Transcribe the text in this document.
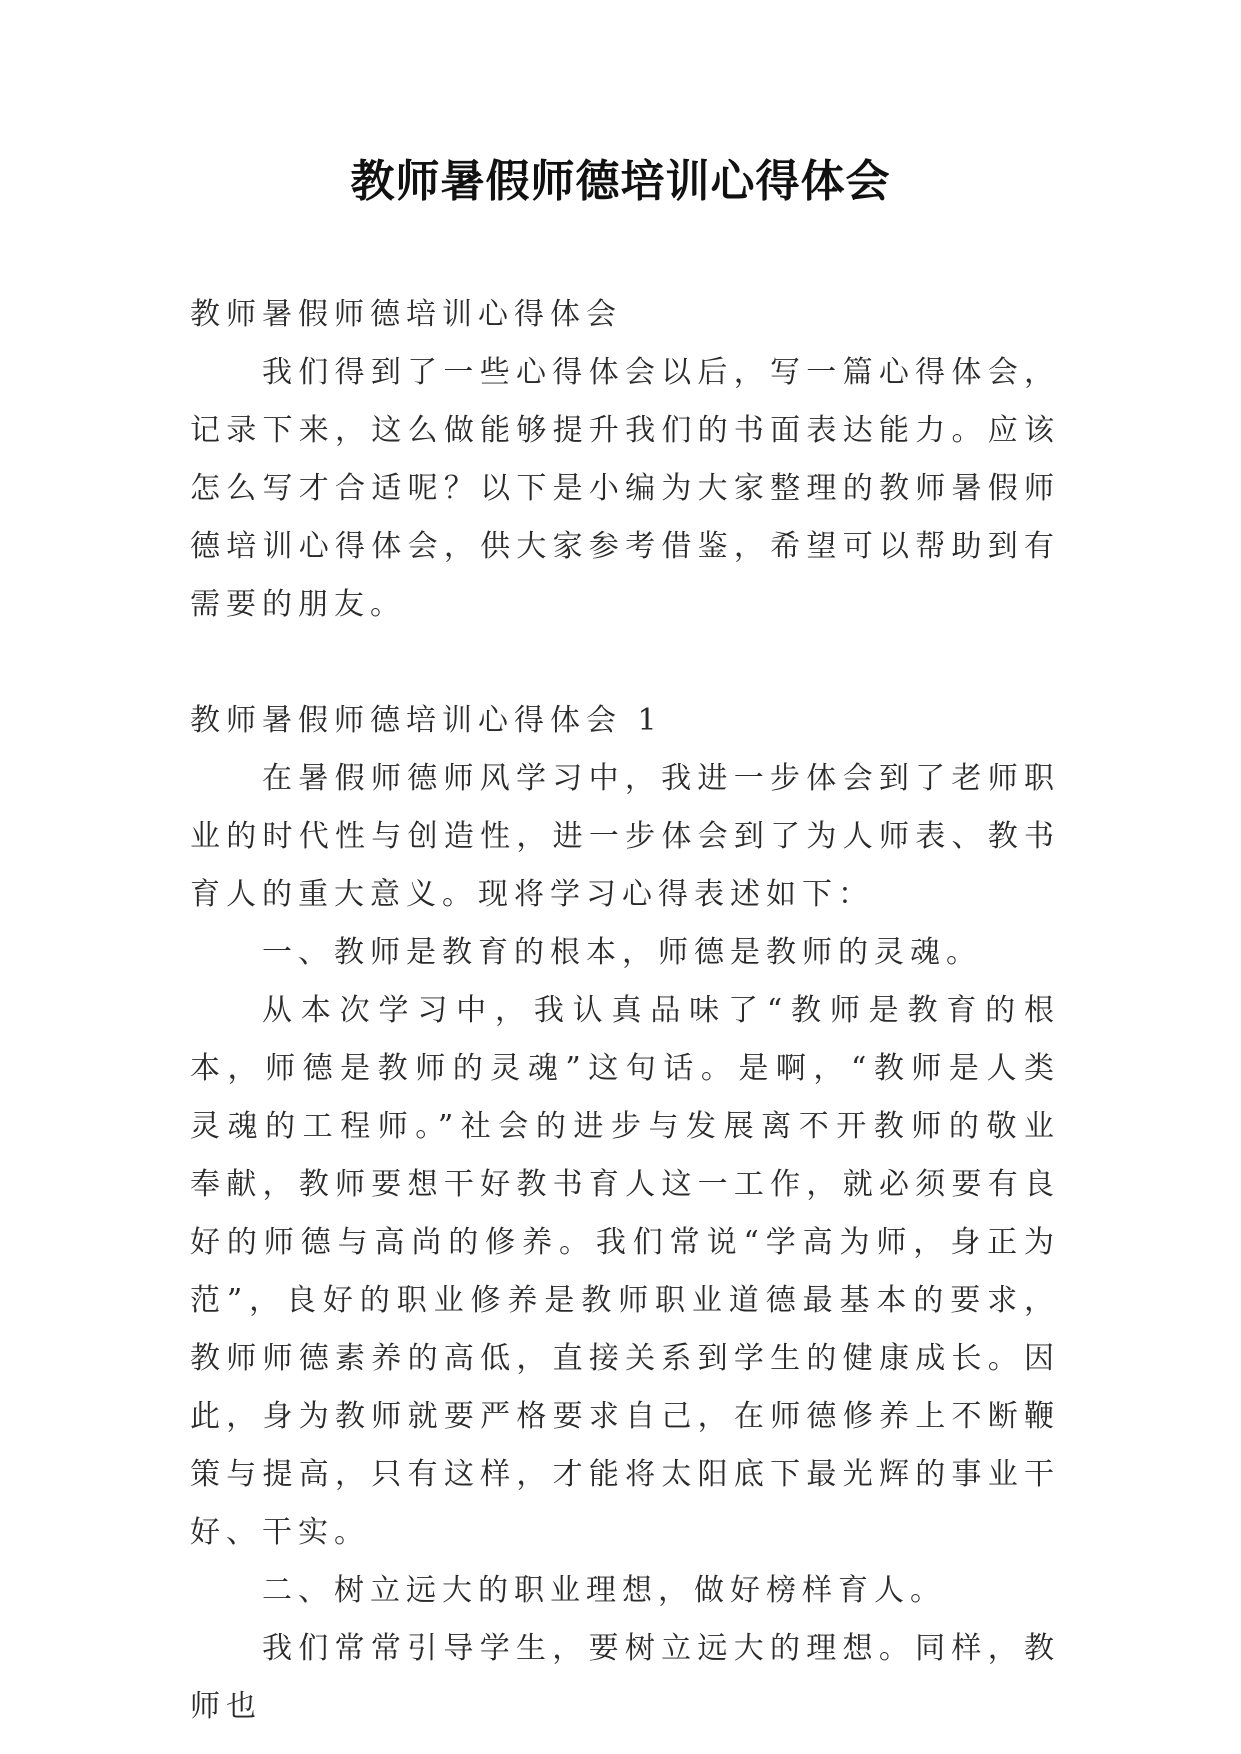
教师暑假师德培训心得体会

教师暑假师德培训心得体会

我们得到了一些心得体会以后，写一篇心得体会，记录下来，这么做能够提升我们的书面表达能力。应该怎么写才合适呢？以下是小编为大家整理的教师暑假师德培训心得体会，供大家参考借鉴，希望可以帮助到有需要的朋友。

教师暑假师德培训心得体会 1

在暑假师德师风学习中，我进一步体会到了老师职业的时代性与创造性，进一步体会到了为人师表、教书育人的重大意义。现将学习心得表述如下：

一、教师是教育的根本，师德是教师的灵魂。

从本次学习中，我认真品味了“教师是教育的根本，师德是教师的灵魂”这句话。是啊，“教师是人类灵魂的工程师。”社会的进步与发展离不开教师的敬业奉献，教师要想干好教书育人这一工作，就必须要有良好的师德与高尚的修养。我们常说“学高为师，身正为范”，良好的职业修养是教师职业道德最基本的要求，教师师德素养的高低，直接关系到学生的健康成长。因此，身为教师就要严格要求自己，在师德修养上不断鞭策与提高，只有这样，才能将太阳底下最光辉的事业干好、干实。

二、树立远大的职业理想，做好榜样育人。

我们常常引导学生，要树立远大的理想。同样，教师也
